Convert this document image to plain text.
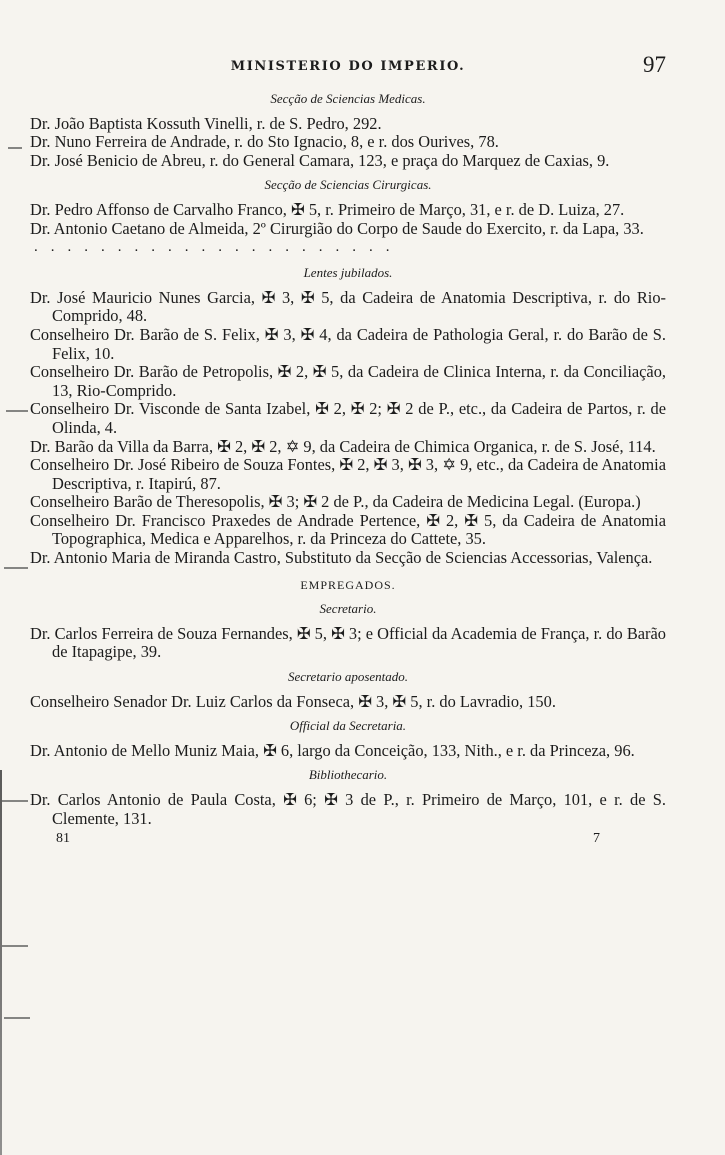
MINISTERIO DO IMPERIO.	97
Secção de Sciencias Medicas.
Dr. João Baptista Kossuth Vinelli, r. de S. Pedro, 292.
Dr. Nuno Ferreira de Andrade, r. do Sto Ignacio, 8, e r. dos Ourives, 78.
Dr. José Benicio de Abreu, r. do General Camara, 123, e praça do Marquez de Caxias, 9.
Secção de Sciencias Cirurgicas.
Dr. Pedro Affonso de Carvalho Franco, ✠ 5, r. Primeiro de Março, 31, e r. de D. Luiza, 27.
Dr. Antonio Caetano de Almeida, 2º Cirurgião do Corpo de Saude do Exercito, r. da Lapa, 33.
......................
Lentes jubilados.
Dr. José Mauricio Nunes Garcia, ✠ 3, ✠ 5, da Cadeira de Anatomia Descriptiva, r. do Rio-Comprido, 48.
Conselheiro Dr. Barão de S. Felix, ✠ 3, ✠ 4, da Cadeira de Pathologia Geral, r. do Barão de S. Felix, 10.
Conselheiro Dr. Barão de Petropolis, ✠ 2, ✠ 5, da Cadeira de Clinica Interna, r. da Conciliação, 13, Rio-Comprido.
Conselheiro Dr. Visconde de Santa Izabel, ✠ 2, ✠ 2; ✠ 2 de P., etc., da Cadeira de Partos, r. de Olinda, 4.
Dr. Barão da Villa da Barra, ✠ 2, ✠ 2, ✡ 9, da Cadeira de Chimica Organica, r. de S. José, 114.
Conselheiro Dr. José Ribeiro de Souza Fontes, ✠ 2, ✠ 3, ✠ 3, ✡ 9, etc., da Cadeira de Anatomia Descriptiva, r. Itapirú, 87.
Conselheiro Barão de Theresopolis, ✠ 3; ✠ 2 de P., da Cadeira de Medicina Legal. (Europa.)
Conselheiro Dr. Francisco Praxedes de Andrade Pertence, ✠ 2, ✠ 5, da Cadeira de Anatomia Topographica, Medica e Apparelhos, r. da Princeza do Cattete, 35.
Dr. Antonio Maria de Miranda Castro, Substituto da Secção de Sciencias Accessorias, Valença.
EMPREGADOS.
Secretario.
Dr. Carlos Ferreira de Souza Fernandes, ✠ 5, ✠ 3; e Official da Academia de França, r. do Barão de Itapagipe, 39.
Secretario aposentado.
Conselheiro Senador Dr. Luiz Carlos da Fonseca, ✠ 3, ✠ 5, r. do Lavradio, 150.
Official da Secretaria.
Dr. Antonio de Mello Muniz Maia, ✠ 6, largo da Conceição, 133, Nith., e r. da Princeza, 96.
Bibliothecario.
Dr. Carlos Antonio de Paula Costa, ✠ 6; ✠ 3 de P., r. Primeiro de Março, 101, e r. de S. Clemente, 131.
81	7
